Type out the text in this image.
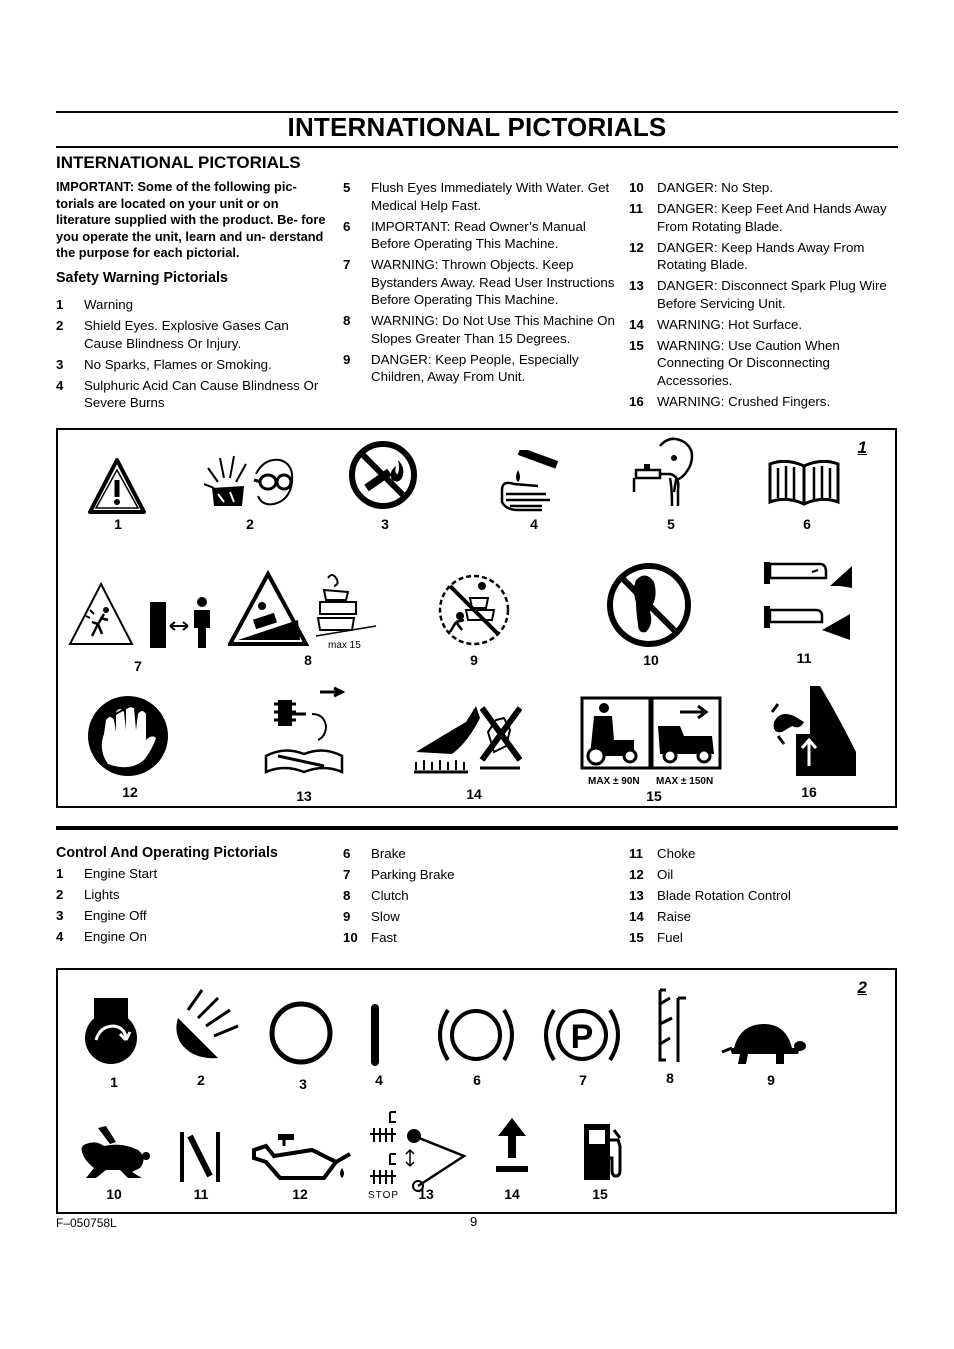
INTERNATIONAL PICTORIALS
INTERNATIONAL PICTORIALS
IMPORTANT: Some of the following pic- torials are located on your unit or on literature supplied with the product. Be- fore you operate the unit, learn and un- derstand the purpose for each pictorial.
Safety Warning Pictorials
1	Warning
2	Shield Eyes. Explosive Gases Can Cause Blindness Or Injury.
3	No Sparks, Flames or Smoking.
4	Sulphuric Acid Can Cause Blindness Or Severe Burns
5	Flush Eyes Immediately With Water. Get Medical Help Fast.
6	IMPORTANT: Read Owner’s Manual Before Operating This Machine.
7	WARNING: Thrown Objects. Keep Bystanders Away. Read User Instructions Before Operating This Machine.
8	WARNING: Do Not Use This Machine On Slopes Greater Than 15 Degrees.
9	DANGER: Keep People, Especially Children, Away From Unit.
10 DANGER: No Step.
11	DANGER: Keep Feet And Hands Away From Rotating Blade.
12 DANGER: Keep Hands Away From Rotating Blade.
13 DANGER: Disconnect Spark Plug Wire Before Servicing Unit.
14 WARNING: Hot Surface.
15 WARNING: Use Caution When Connecting Or Disconnecting Accessories.
16 WARNING: Crushed Fingers.
1
1	2	3	4	5	6
7
max 15
8	9	10	11
12	13	14
MAX ± 90N MAX ± 150N
15	16
Control And Operating Pictorials
1	Engine Start
2	Lights
3	Engine Off
4	Engine On
6	Brake
7	Parking Brake
8	Clutch
9	Slow
10 Fast
11	Choke
12 Oil
13 Blade Rotation Control
14 Raise
15 Fuel
2
1	2	3	4	6
P
7	8	9
10	11	12	STOP 13	14	15
F–050758L	9
